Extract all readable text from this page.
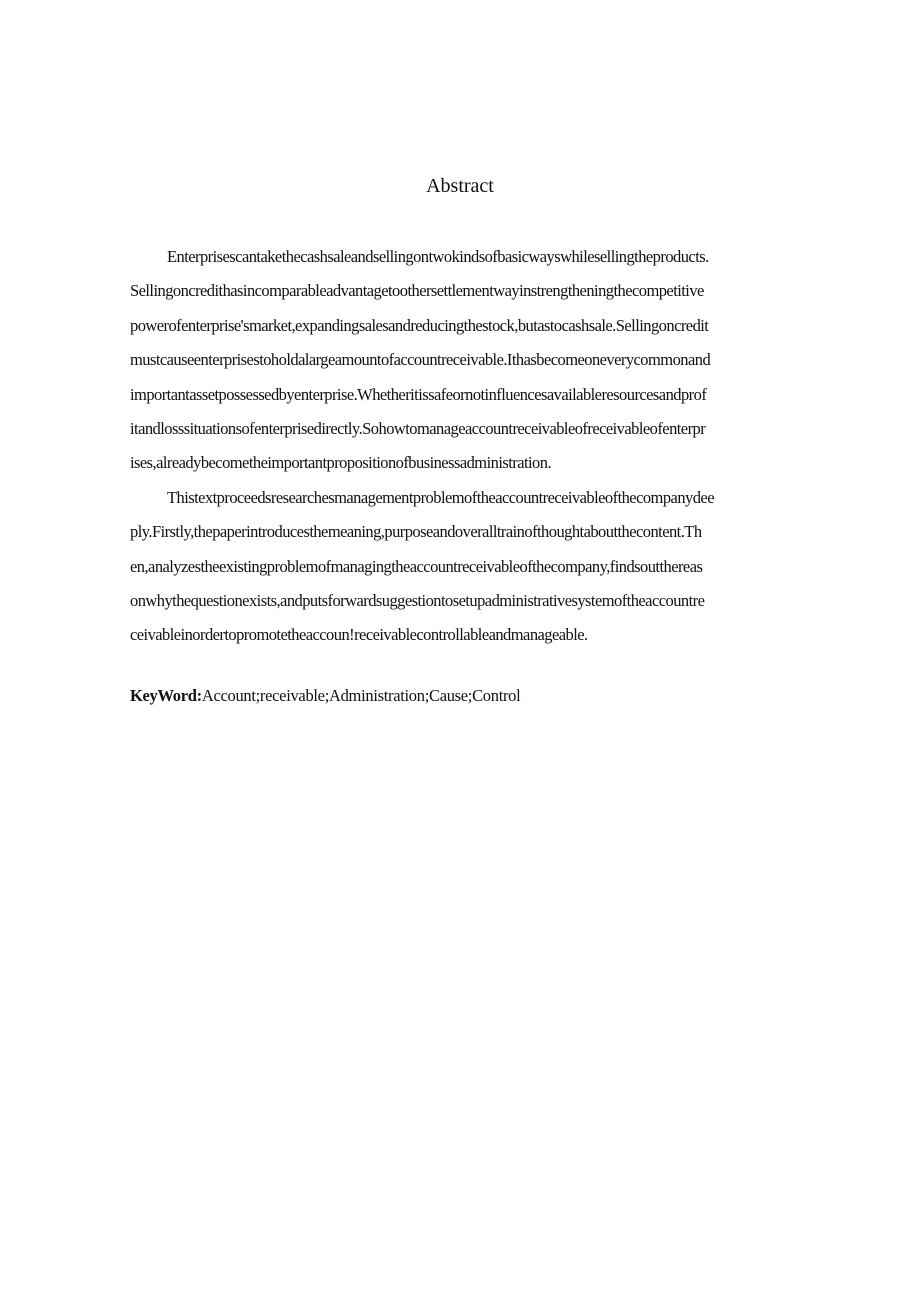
Abstract
Enterprisescantakethecashsaleandsellingontwokindsofbasicwayswhilesellingtheproducts.
Sellingoncredithasincomparableadvantagetoothersettlementwayinstrengtheningthecompetitive
powerofenterprise'smarket,expandingsalesandreducingthestock,butastocashsale.Sellingoncredit
mustcauseenterprisestoholdalargeamountofaccountreceivable.Ithasbecomeoneverycommonand
importantassetpossessedbyenterprise.Whetheritissafeornotinfluencesavailableresourcesandprof
itandlosssituationsofenterprisedirectly.Sohowtomanageaccountreceivableofreceivableofenterpr
ises,alreadybecometheimportantpropositionofbusinessadministration.
Thistextproceedsresearchesmanagementproblemoftheaccountreceivableofthecompanydee
ply.Firstly,thepaperintroducesthemeaning,purposeandoveralltrainofthoughtaboutthecontent.Th
en,analyzestheexistingproblemofmanagingtheaccountreceivableofthecompany,findsoutthereas
onwhythequestionexists,andputsforwardsuggestiontosetupadministrativesystemoftheaccountre
ceivableinordertopromotetheaccoun!receivablecontrollableandmanageable.
KeyWord:Account;receivable;Administration;Cause;Control
